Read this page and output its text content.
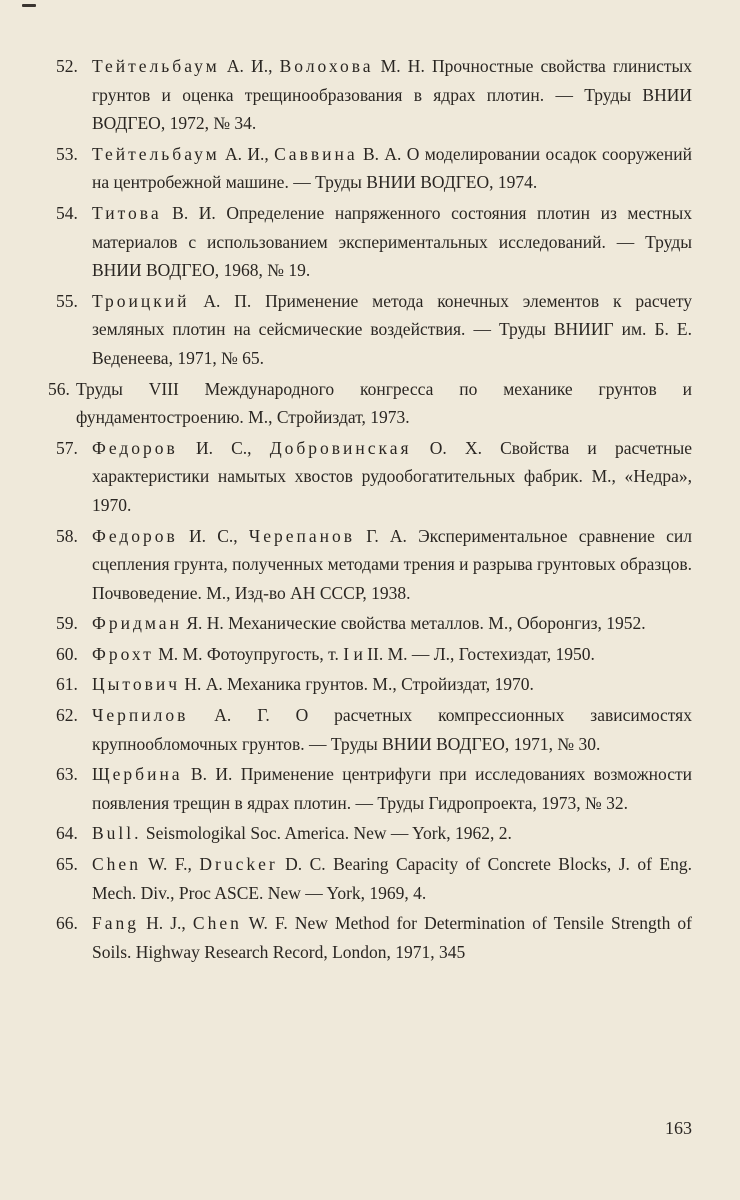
52. Тейтельбаум А. И., Волохова М. Н. Прочностные свойства глинистых грунтов и оценка трещинообразования в ядрах плотин. — Труды ВНИИ ВОДГЕО, 1972, № 34.

53. Тейтельбаум А. И., Саввина В. А. О моделировании осадок сооружений на центробежной машине. — Труды ВНИИ ВОДГЕО, 1974.

54. Титова В. И. Определение напряженного состояния плотин из местных материалов с использованием экспериментальных исследований. — Труды ВНИИ ВОДГЕО, 1968, № 19.

55. Троицкий А. П. Применение метода конечных элементов к расчету земляных плотин на сейсмические воздействия. — Труды ВНИИГ им. Б. Е. Веденеева, 1971, № 65.

56. Труды VIII Международного конгресса по механике грунтов и фундаментостроению. М., Стройиздат, 1973.

57. Федоров И. С., Добровинская О. Х. Свойства и расчетные характеристики намытых хвостов рудообогатительных фабрик. М., «Недра», 1970.

58. Федоров И. С., Черепанов Г. А. Экспериментальное сравнение сил сцепления грунта, полученных методами трения и разрыва грунтовых образцов. Почвоведение. М., Изд-во АН СССР, 1938.

59. Фридман Я. Н. Механические свойства металлов. М., Оборонгиз, 1952.

60. Фрохт М. М. Фотоупругость, т. I и II. М. — Л., Гостехиздат, 1950.

61. Цытович Н. А. Механика грунтов. М., Стройиздат, 1970.

62. Черпилов А. Г. О расчетных компрессионных зависимостях крупнообломочных грунтов. — Труды ВНИИ ВОДГЕО, 1971, № 30.

63. Щербина В. И. Применение центрифуги при исследованиях возможности появления трещин в ядрах плотин. — Труды Гидропроекта, 1973, № 32.

64. Bull. Seismologikal Soc. America. New — York, 1962, 2.

65. Chen W. F., Drucker D. C. Bearing Capacity of Concrete Blocks, J. of Eng. Mech. Div., Proc ASCE. New — York, 1969, 4.

66. Fang H. J., Chen W. F. New Method for Determination of Tensile Strength of Soils. Highway Research Record, London, 1971, 345

163
